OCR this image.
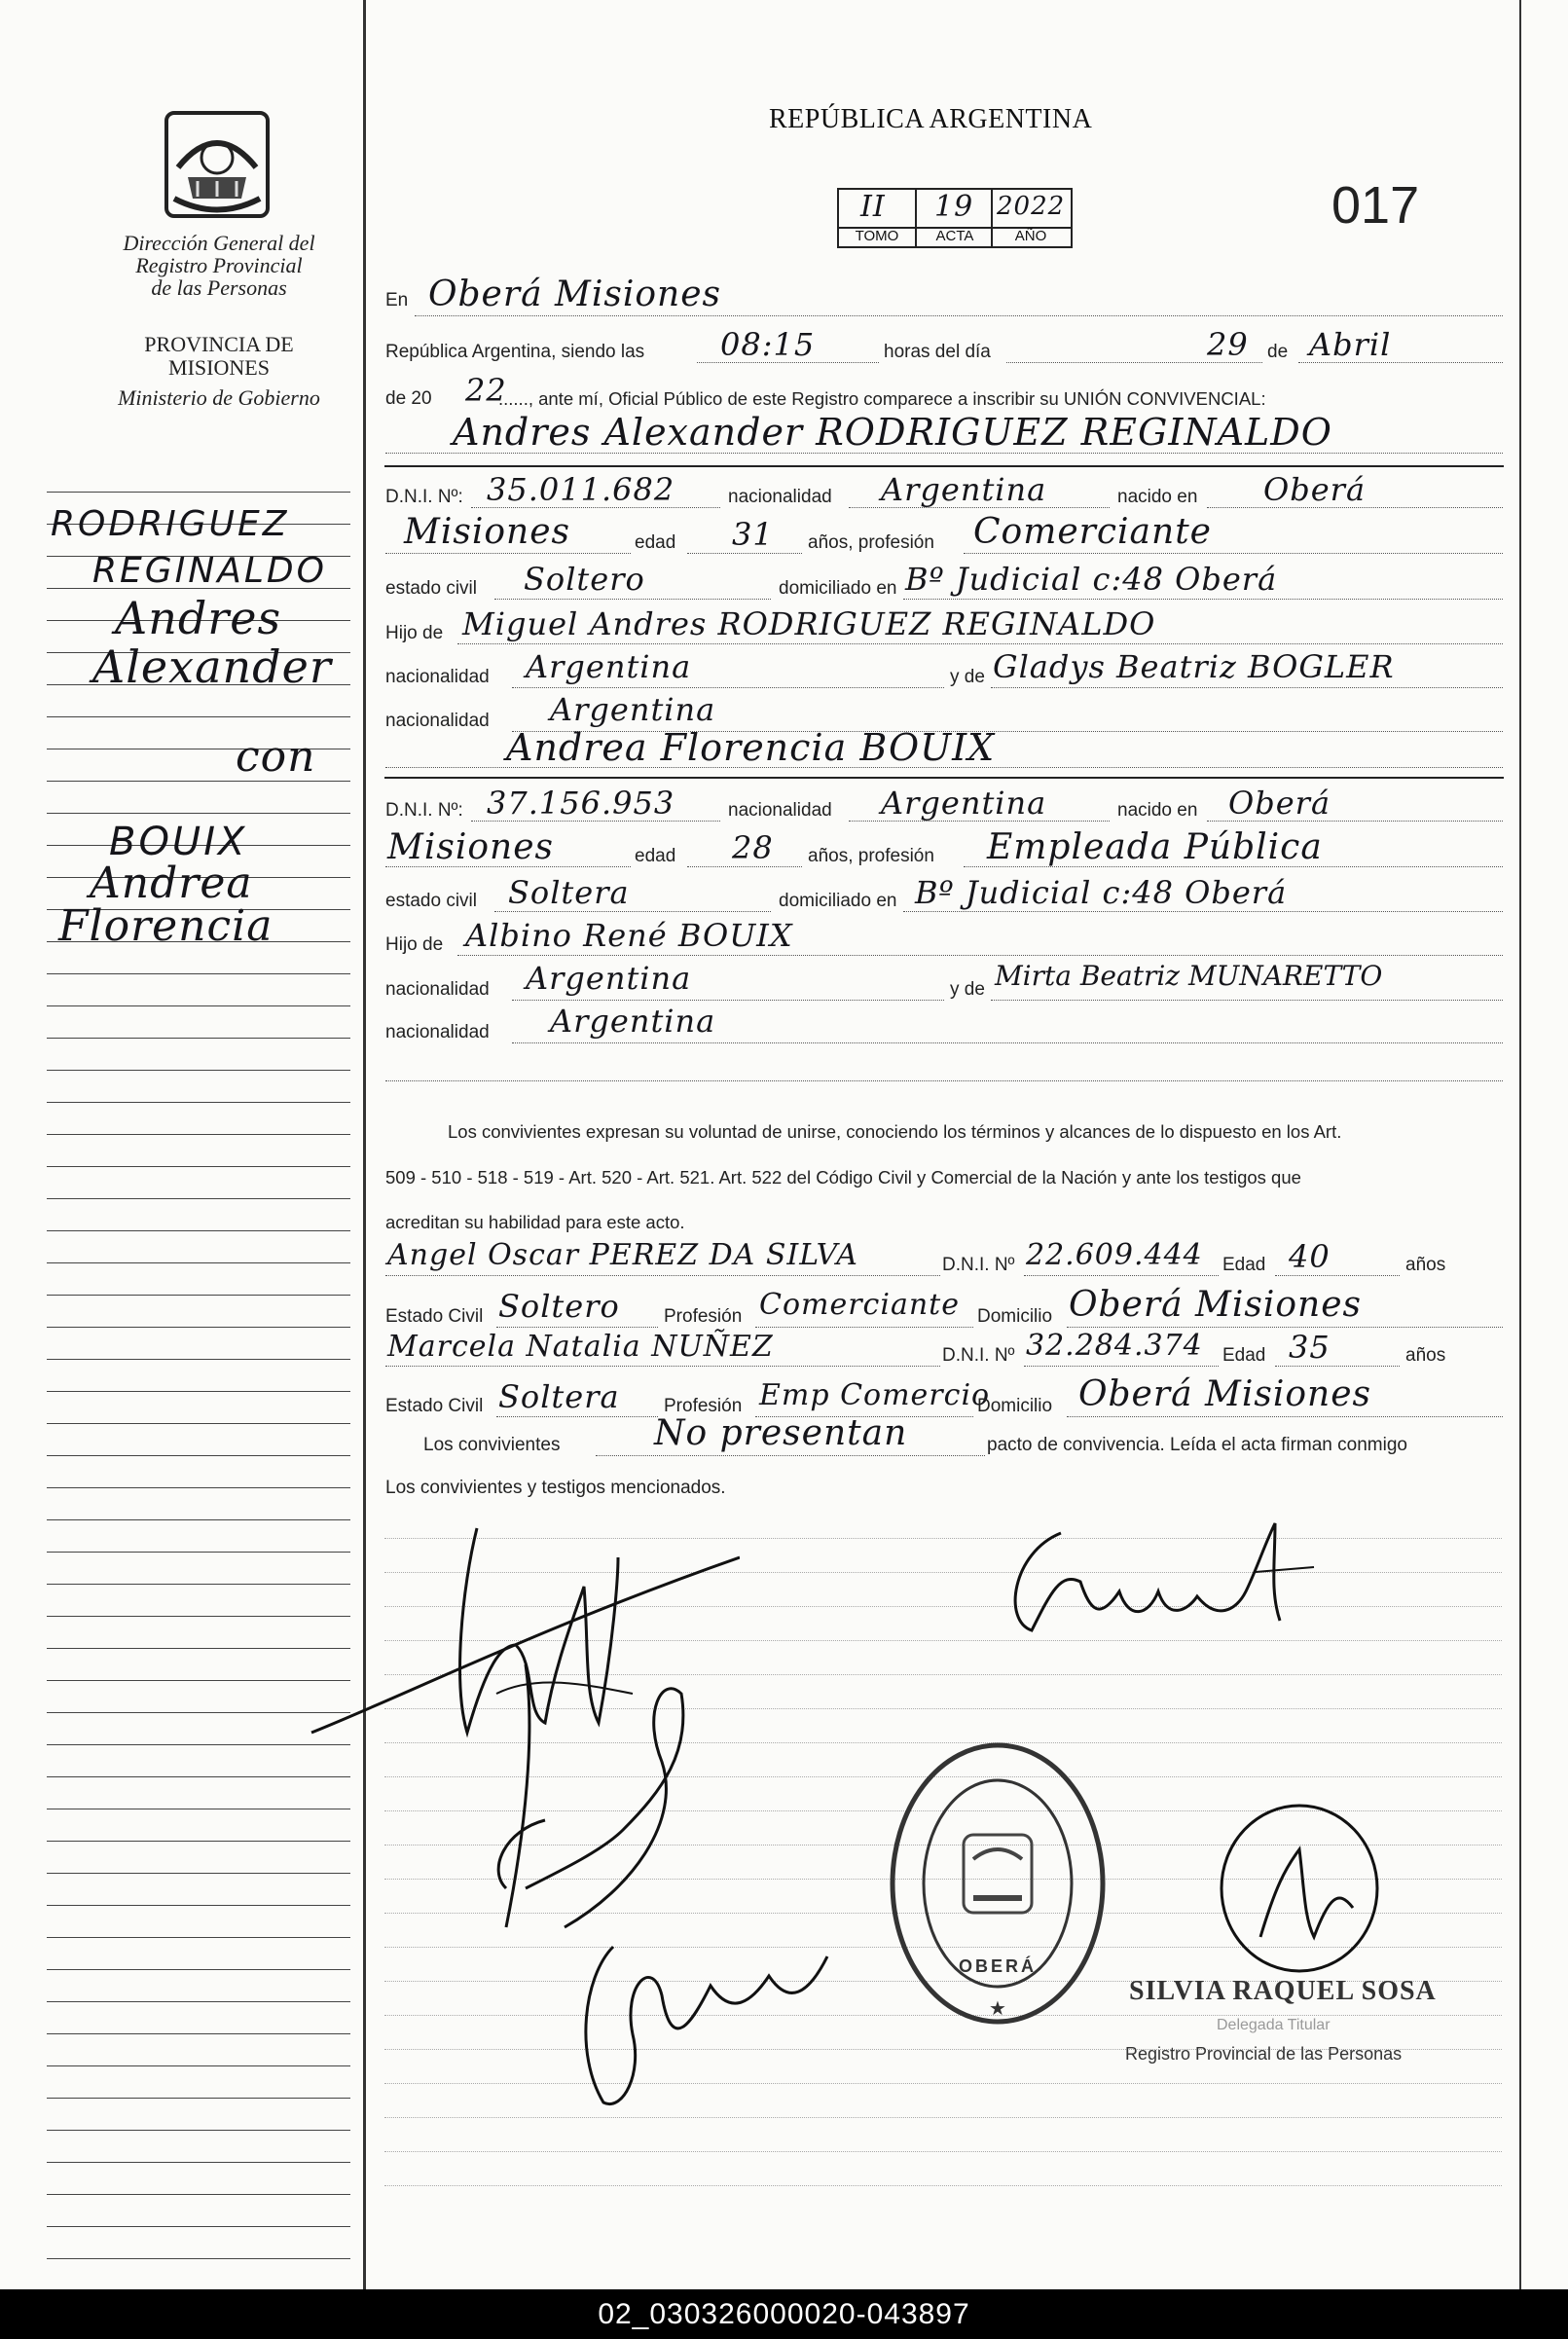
Dirección General del
Registro Provincial
de las Personas
PROVINCIA DE
MISIONES
Ministerio de Gobierno
RODRIGUEZ
REGINALDO
Andres
Alexander
con
BOUIX
Andrea
Florencia
REPÚBLICA ARGENTINA
II 19 2022
TOMO	ACTA	AÑO
017
En Oberá Misiones
República Argentina, siendo las 08:15	horas del día	29 de Abril
de 20 22
......, ante mí, Oficial Público de este Registro comparece a inscribir su UNIÓN CONVIVENCIAL:
Andres Alexander RODRIGUEZ REGINALDO
D.N.I. Nº: 35.011.682	nacionalidad Argentina	nacido en Oberá
Misiones	edad 31 años, profesión Comerciante
estado civil Soltero	domiciliado en Bº Judicial c:48 Oberá
Hijo de Miguel Andres RODRIGUEZ REGINALDO
nacionalidad Argentina	y de Gladys Beatriz BOGLER
nacionalidad Argentina
Andrea Florencia BOUIX
D.N.I. Nº: 37.156.953	nacionalidad Argentina	nacido en Oberá
Misiones	edad 28 años, profesión Empleada Pública
estado civil Soltera	domiciliado en Bº Judicial c:48 Oberá
Hijo de Albino René BOUIX
nacionalidad Argentina	y de Mirta Beatriz MUNARETTO
nacionalidad Argentina
Los convivientes expresan su voluntad de unirse, conociendo los términos y alcances de lo dispuesto en los Art.
509 - 510 - 518 - 519 - Art. 520 - Art. 521. Art. 522 del Código Civil y Comercial de la Nación y ante los testigos que
acreditan su habilidad para este acto.
Angel Oscar PEREZ DA SILVA	D.N.I. Nº 22.609.444 Edad 40	años
Estado Civil Soltero Profesión Comerciante Domicilio Oberá Misiones
Marcela Natalia NUÑEZ	D.N.I. Nº 32.284.374 Edad 35	años
Estado Civil Soltera Profesión Emp Comercio
Domicilio Oberá Misiones
Los convivientes	No presentan	pacto de convivencia. Leída el acta firman conmigo
Los convivientes y testigos mencionados.
★
OBERÁ
SILVIA RAQUEL SOSA
Delegada Titular
Registro Provincial de las Personas
02_030326000020-043897
